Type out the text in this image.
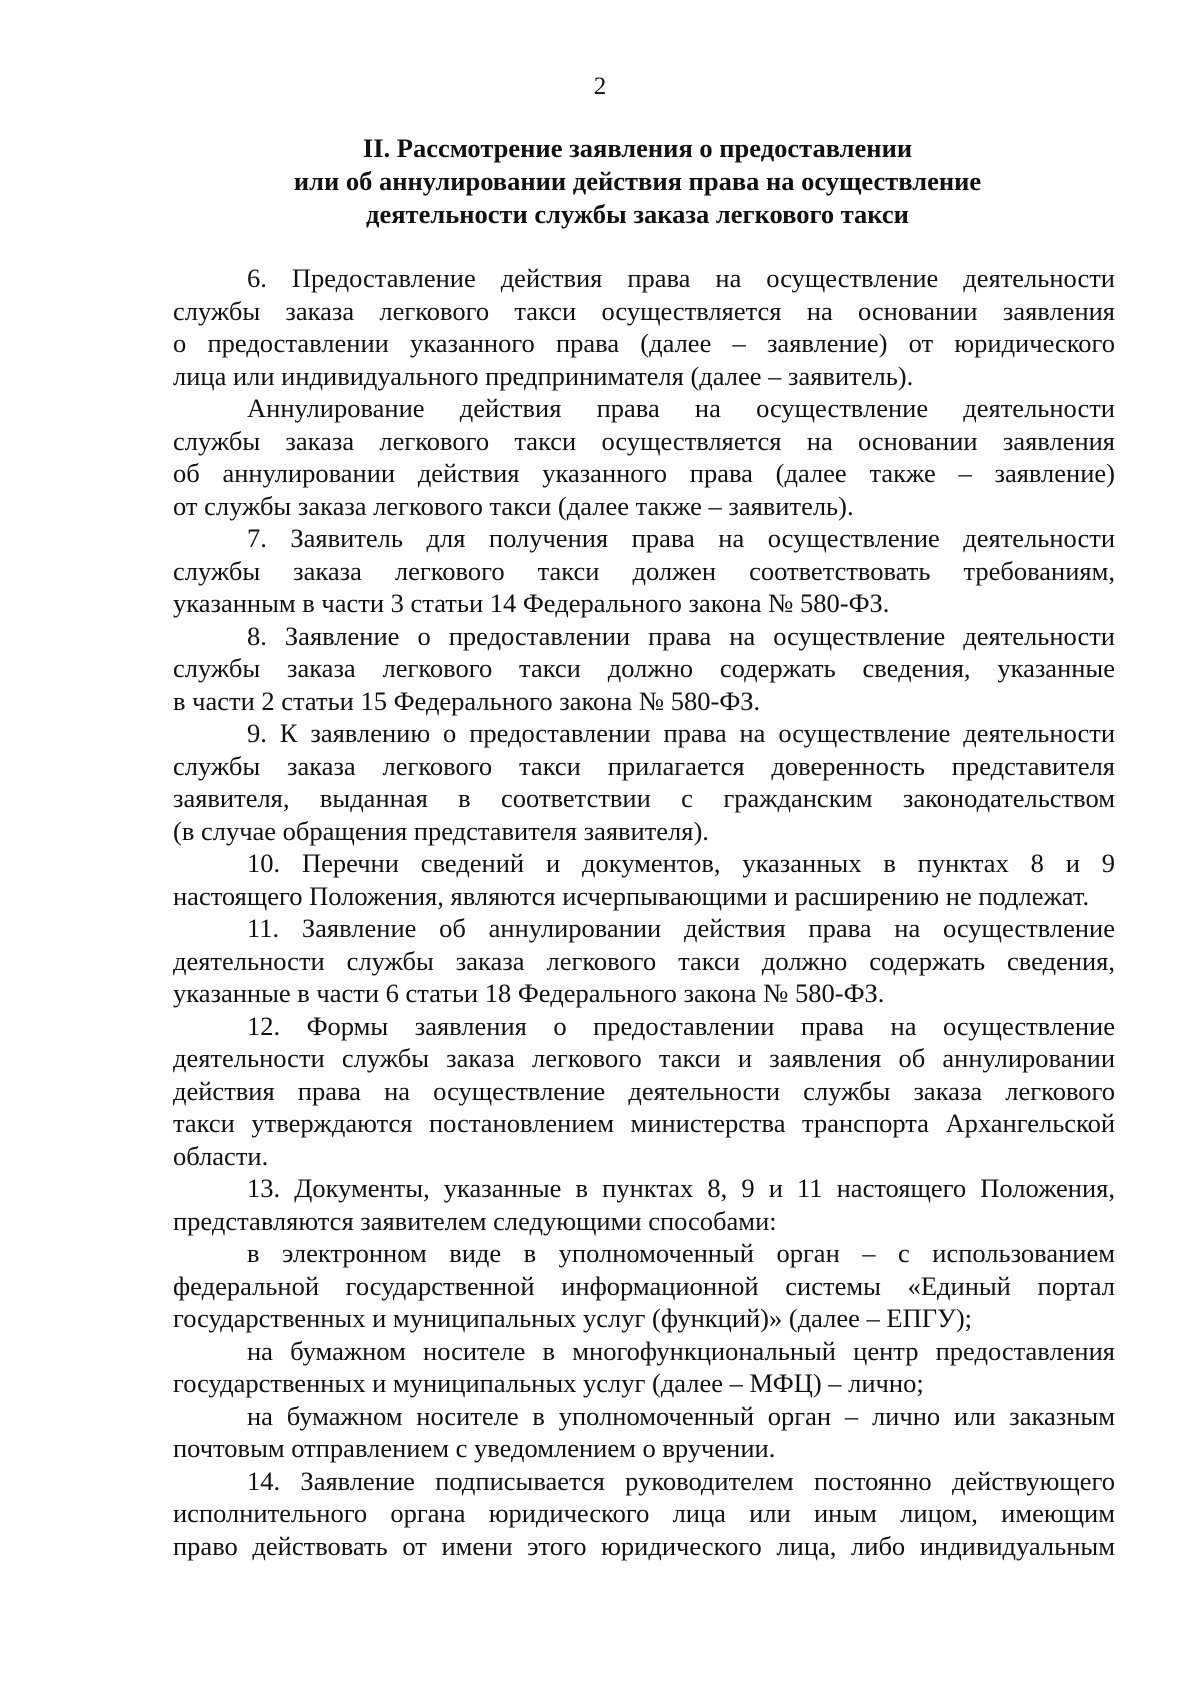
2
II. Рассмотрение заявления о предоставлении
или об аннулировании действия права на осуществление
деятельности службы заказа легкового такси

6. Предоставление действия права на осуществление деятельности
службы заказа легкового такси осуществляется на основании заявления
о предоставлении указанного права (далее – заявление) от юридического
лица или индивидуального предпринимателя (далее – заявитель).

Аннулирование действия права на осуществление деятельности
службы заказа легкового такси осуществляется на основании заявления
об аннулировании действия указанного права (далее также – заявление)
от службы заказа легкового такси (далее также – заявитель).

7. Заявитель для получения права на осуществление деятельности
службы заказа легкового такси должен соответствовать требованиям,
указанным в части 3 статьи 14 Федерального закона № 580-ФЗ.

8. Заявление о предоставлении права на осуществление деятельности
службы заказа легкового такси должно содержать сведения, указанные
в части 2 статьи 15 Федерального закона № 580-ФЗ.

9. К заявлению о предоставлении права на осуществление деятельности
службы заказа легкового такси прилагается доверенность представителя
заявителя, выданная в соответствии с гражданским законодательством
(в случае обращения представителя заявителя).

10. Перечни сведений и документов, указанных в пунктах 8 и 9
настоящего Положения, являются исчерпывающими и расширению не подлежат.

11. Заявление об аннулировании действия права на осуществление
деятельности службы заказа легкового такси должно содержать сведения,
указанные в части 6 статьи 18 Федерального закона № 580-ФЗ.

12. Формы заявления о предоставлении права на осуществление
деятельности службы заказа легкового такси и заявления об аннулировании
действия права на осуществление деятельности службы заказа легкового
такси утверждаются постановлением министерства транспорта Архангельской
области.

13. Документы, указанные в пунктах 8, 9 и 11 настоящего Положения,
представляются заявителем следующими способами:

в электронном виде в уполномоченный орган – с использованием
федеральной государственной информационной системы «Единый портал
государственных и муниципальных услуг (функций)» (далее – ЕПГУ);

на бумажном носителе в многофункциональный центр предоставления
государственных и муниципальных услуг (далее – МФЦ) – лично;

на бумажном носителе в уполномоченный орган – лично или заказным
почтовым отправлением с уведомлением о вручении.

14. Заявление подписывается руководителем постоянно действующего
исполнительного органа юридического лица или иным лицом, имеющим
право действовать от имени этого юридического лица, либо индивидуальным
